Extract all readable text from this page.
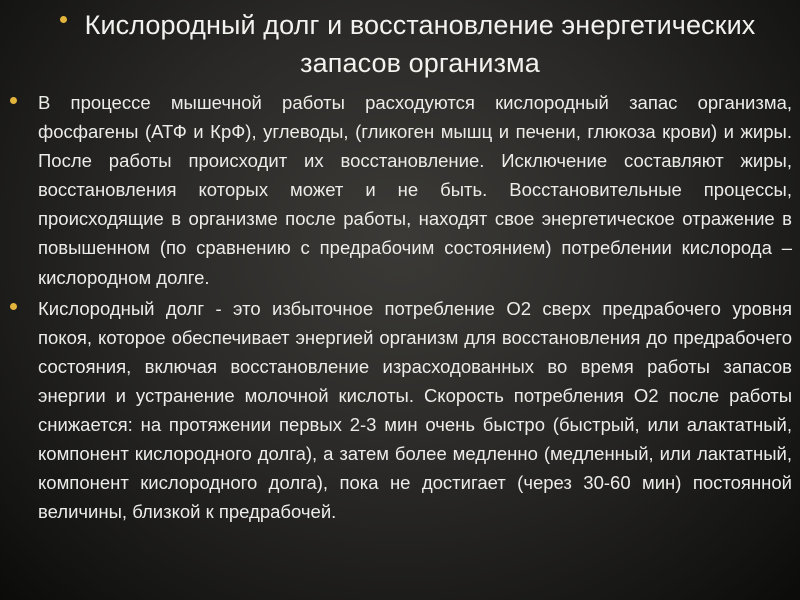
Кислородный долг и восстановление энергетических
запасов организма
В процессе мышечной работы расходуются кислородный запас организма, фосфагены (АТФ и КрФ), углеводы, (гликоген мышц и печени, глюкоза крови) и жиры. После работы происходит их восстановление. Исключение составляют жиры, восстановления которых может и не быть. Восстановительные процессы, происходящие в организме после работы, находят свое энергетическое отражение в повышенном (по сравнению с предрабочим состоянием) потреблении кислорода – кислородном долге.
Кислородный долг - это избыточное потребление О2 сверх предрабочего уровня покоя, которое обеспечивает энергией организм для восстановления до предрабочего состояния, включая восстановление израсходованных во время работы запасов энергии и устранение молочной кислоты. Скорость потребления О2 после работы снижается: на протяжении первых 2-3 мин очень быстро (быстрый, или алактатный, компонент кислородного долга), а затем более медленно (медленный, или лактатный, компонент кислородного долга), пока не достигает (через 30-60 мин) постоянной величины, близкой к предрабочей.
